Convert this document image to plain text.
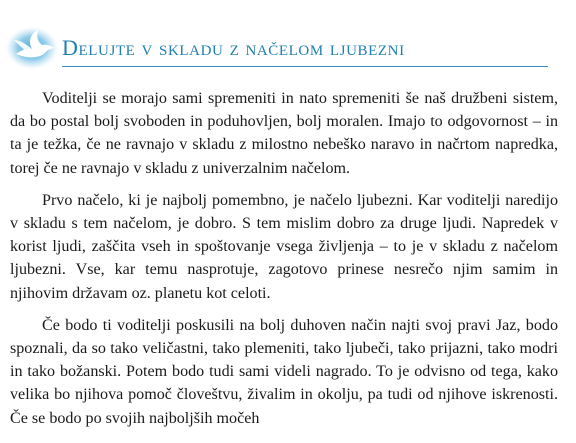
Delujte v skladu z načelom ljubezni

Voditelji se morajo sami spremeniti in nato spremeniti še naš družbeni sistem, da bo postal bolj svoboden in poduhovljen, bolj moralen. Imajo to odgovornost – in ta je težka, če ne ravnajo v skladu z milostno nebeško naravo in načrtom napredka, torej če ne ravnajo v skladu z univerzalnim načelom.

Prvo načelo, ki je najbolj pomembno, je načelo ljubezni. Kar voditelji naredijo v skladu s tem načelom, je dobro. S tem mislim dobro za druge ljudi. Napredek v korist ljudi, zaščita vseh in spoštovanje vsega življenja – to je v skladu z načelom ljubezni. Vse, kar temu nasprotuje, zagotovo prinese nesrečo njim samim in njihovim državam oz. planetu kot celoti.

Če bodo ti voditelji poskusili na bolj duhoven način najti svoj pravi Jaz, bodo spoznali, da so tako veličastni, tako plemeniti, tako ljubeči, tako prijazni, tako modri in tako božanski. Potem bodo tudi sami videli nagrado. To je odvisno od tega, kako velika bo njihova pomoč človeštvu, živalim in okolju, pa tudi od njihove iskrenosti. Če se bodo po svojih najboljših močeh
